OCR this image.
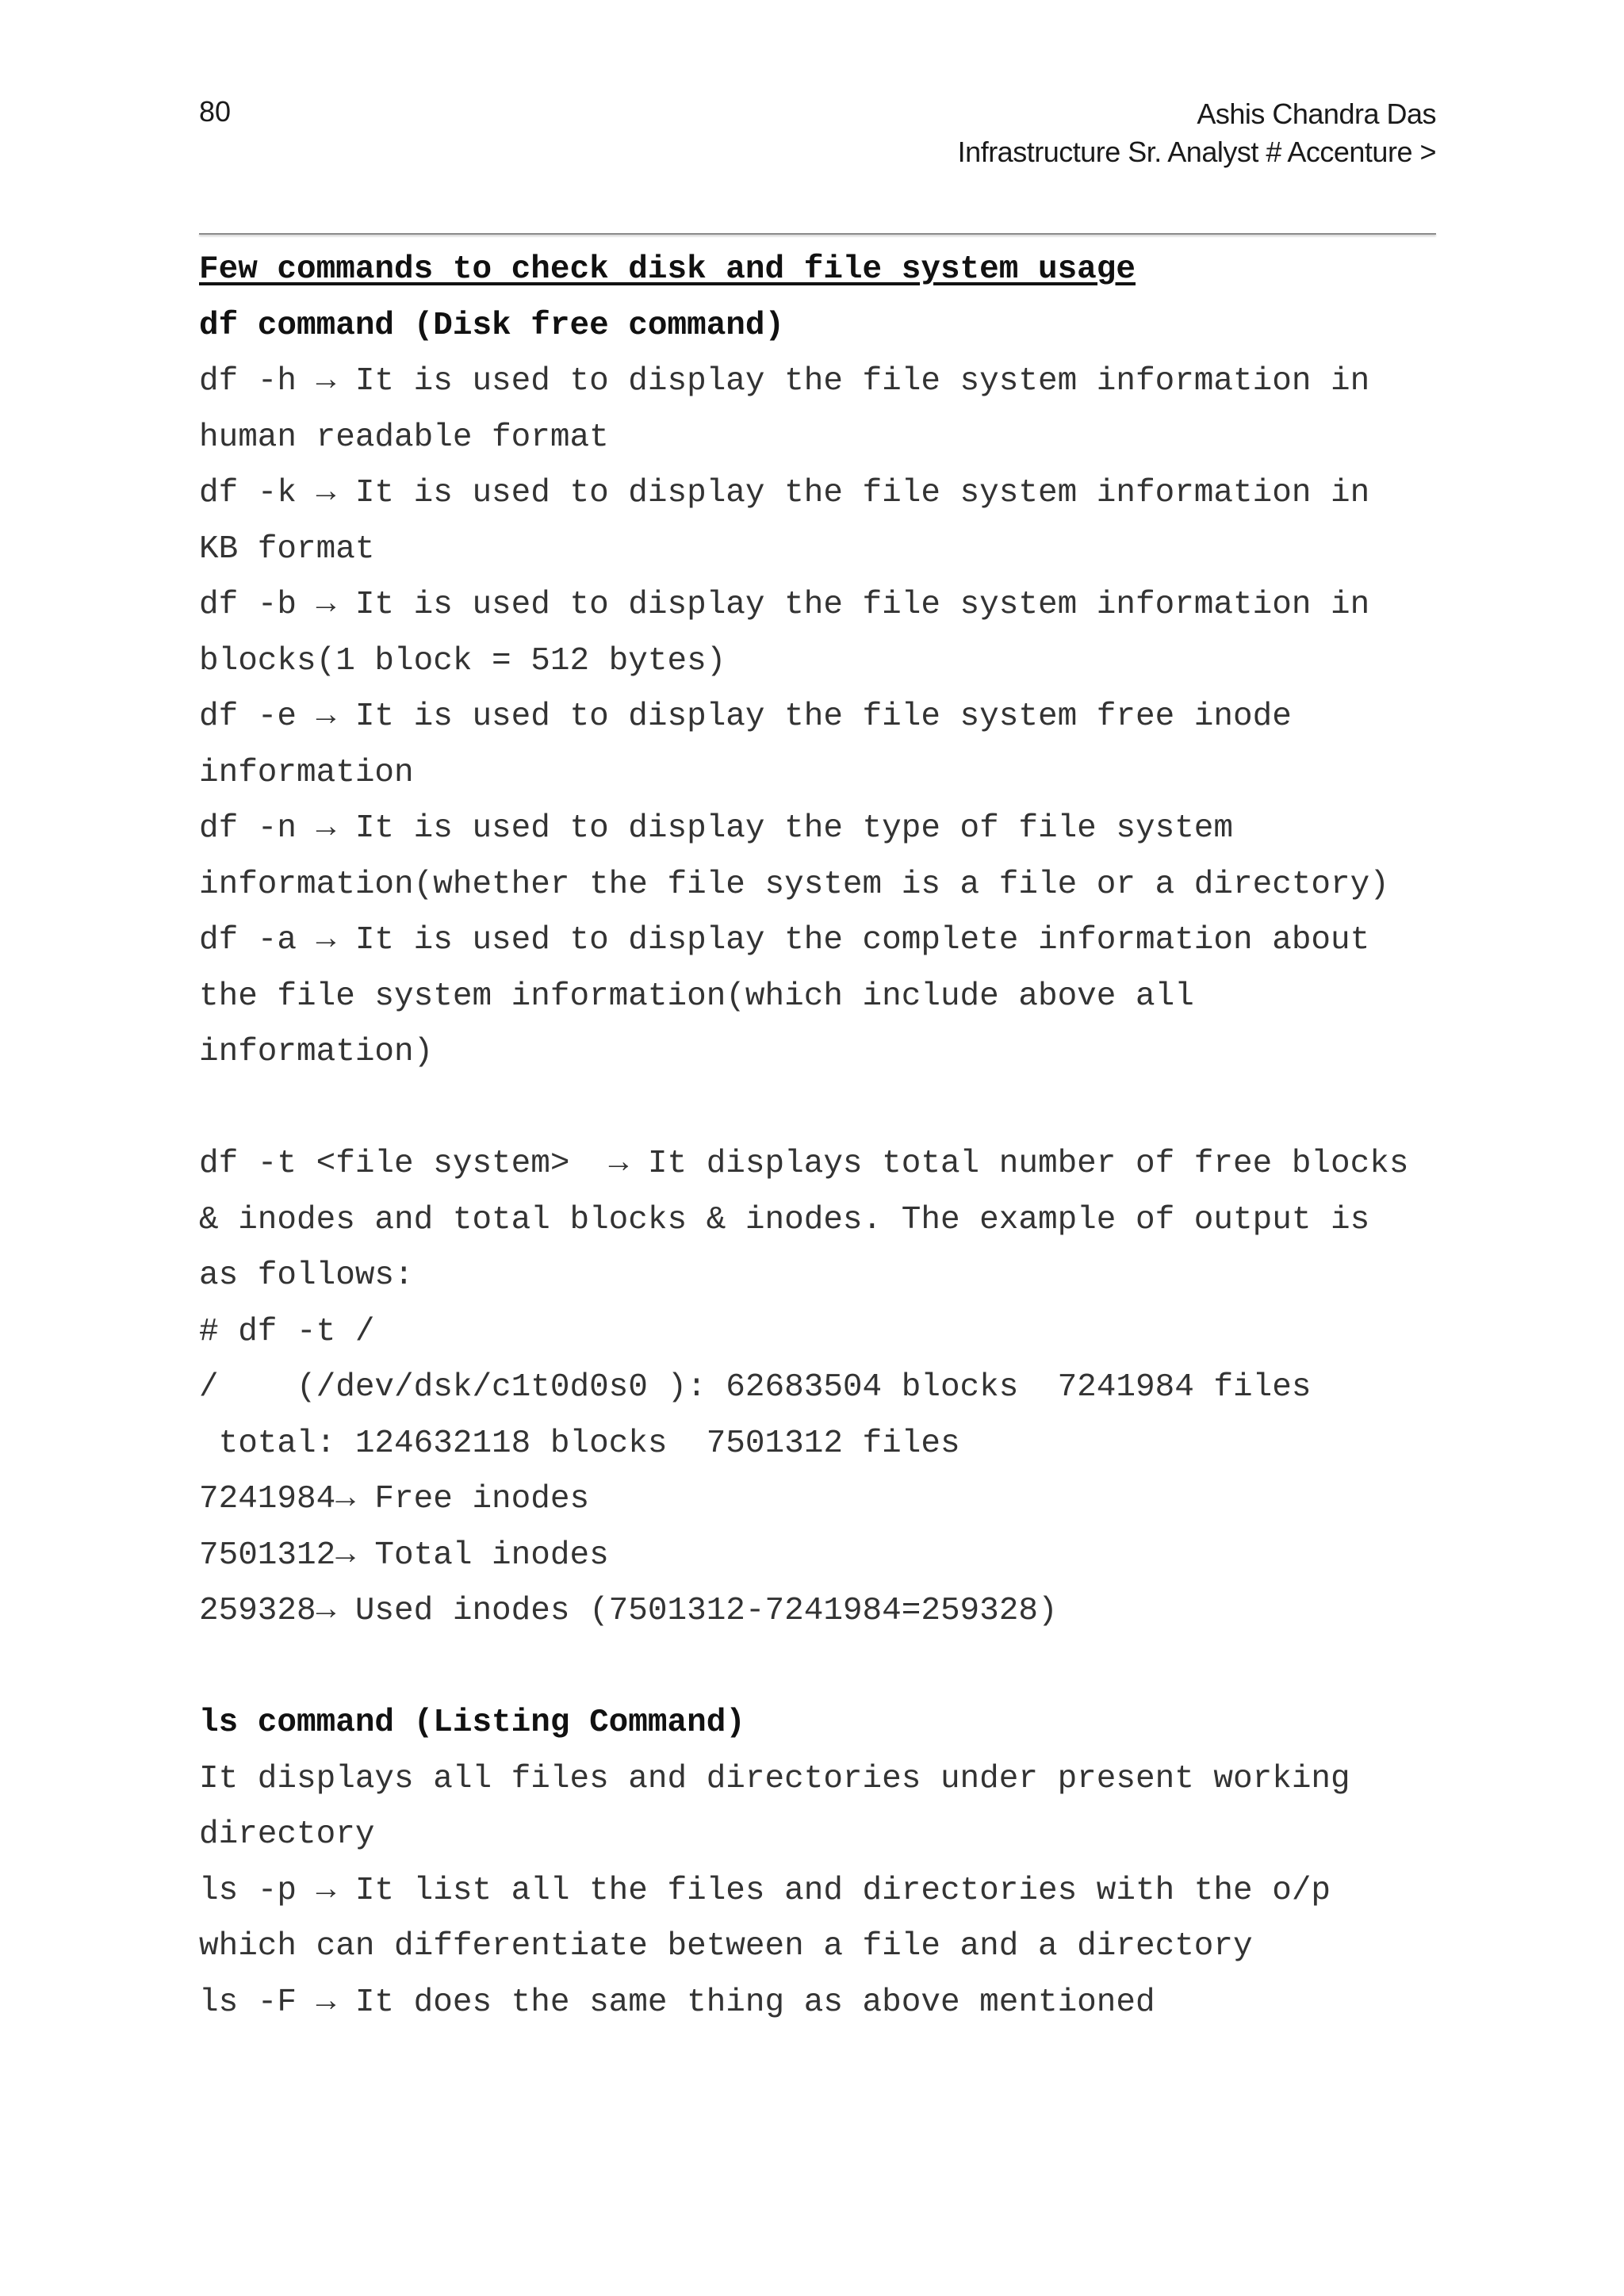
80	Ashis Chandra Das
Infrastructure Sr. Analyst # Accenture >
Few commands to check disk and file system usage
df command (Disk free command)
df -h → It is used to display the file system information in
human readable format
df -k → It is used to display the file system information in
KB format
df -b → It is used to display the file system information in
blocks(1 block = 512 bytes)
df -e → It is used to display the file system free inode
information
df -n → It is used to display the type of file system
information(whether the file system is a file or a directory)
df -a → It is used to display the complete information about
the file system information(which include above all
information)
df -t <file system>  → It displays total number of free blocks
& inodes and total blocks & inodes. The example of output is
as follows:
# df -t /
/    (/dev/dsk/c1t0d0s0 ): 62683504 blocks  7241984 files
total: 124632118 blocks  7501312 files
7241984→ Free inodes
7501312→ Total inodes
259328→ Used inodes (7501312-7241984=259328)
ls command (Listing Command)
It displays all files and directories under present working
directory
ls -p → It list all the files and directories with the o/p
which can differentiate between a file and a directory
ls -F → It does the same thing as above mentioned
